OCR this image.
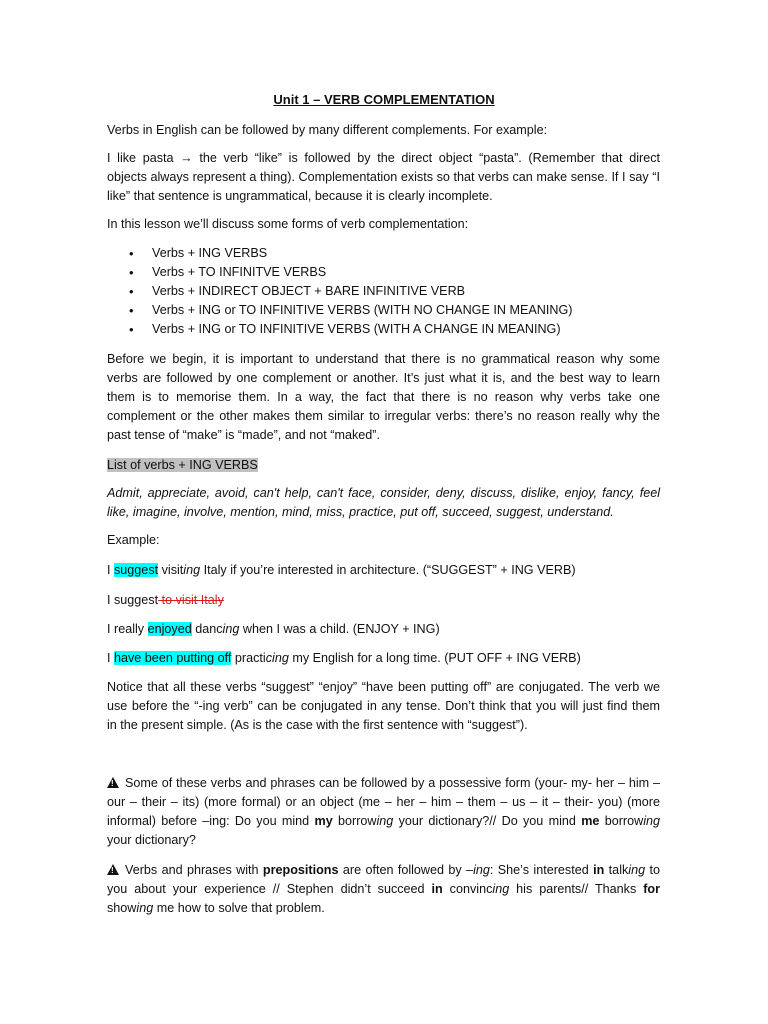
Unit 1 – VERB COMPLEMENTATION

Verbs in English can be followed by many different complements. For example:

I like pasta → the verb “like” is followed by the direct object “pasta”. (Remember that direct

objects always represent a thing). Complementation exists so that verbs can make sense. If I say “I

like” that sentence is ungrammatical, because it is clearly incomplete.

In this lesson we’ll discuss some forms of verb complementation:

• Verbs + ING VERBS
• Verbs + TO INFINITVE VERBS
• Verbs + INDIRECT OBJECT + BARE INFINITIVE VERB
• Verbs + ING or TO INFINITIVE VERBS (WITH NO CHANGE IN MEANING)
• Verbs + ING or TO INFINITIVE VERBS (WITH A CHANGE IN MEANING)

Before we begin, it is important to understand that there is no grammatical reason why some

verbs are followed by one complement or another. It’s just what it is, and the best way to learn

them is to memorise them. In a way, the fact that there is no reason why verbs take one

complement or the other makes them similar to irregular verbs: there’s no reason really why the

past tense of “make” is “made”, and not “maked”.

List of verbs + ING VERBS

Admit, appreciate, avoid, can't help, can't face, consider, deny, discuss, dislike, enjoy, fancy, feel

like, imagine, involve, mention, mind, miss, practice, put off, succeed, suggest, understand.

Example:

I suggest visiting Italy if you’re interested in architecture. (“SUGGEST” + ING VERB)

I suggest to visit Italy

I really enjoyed dancing when I was a child. (ENJOY + ING)

I have been putting off practicing my English for a long time. (PUT OFF + ING VERB)

Notice that all these verbs “suggest” “enjoy” “have been putting off” are conjugated. The verb we

use before the “-ing verb” can be conjugated in any tense. Don’t think that you will just find them

in the present simple. (As is the case with the first sentence with “suggest”).

!Some of these verbs and phrases can be followed by a possessive form (your- my- her – him –

our – their – its) (more formal) or an object (me – her – him – them – us – it – their- you) (more

informal) before –ing: Do you mind my borrowing your dictionary?// Do you mind me borrowing

your dictionary?

!Verbs and phrases with prepositions are often followed by –ing: She’s interested in talking to

you about your experience // Stephen didn’t succeed in convincing his parents// Thanks for

showing me how to solve that problem.
